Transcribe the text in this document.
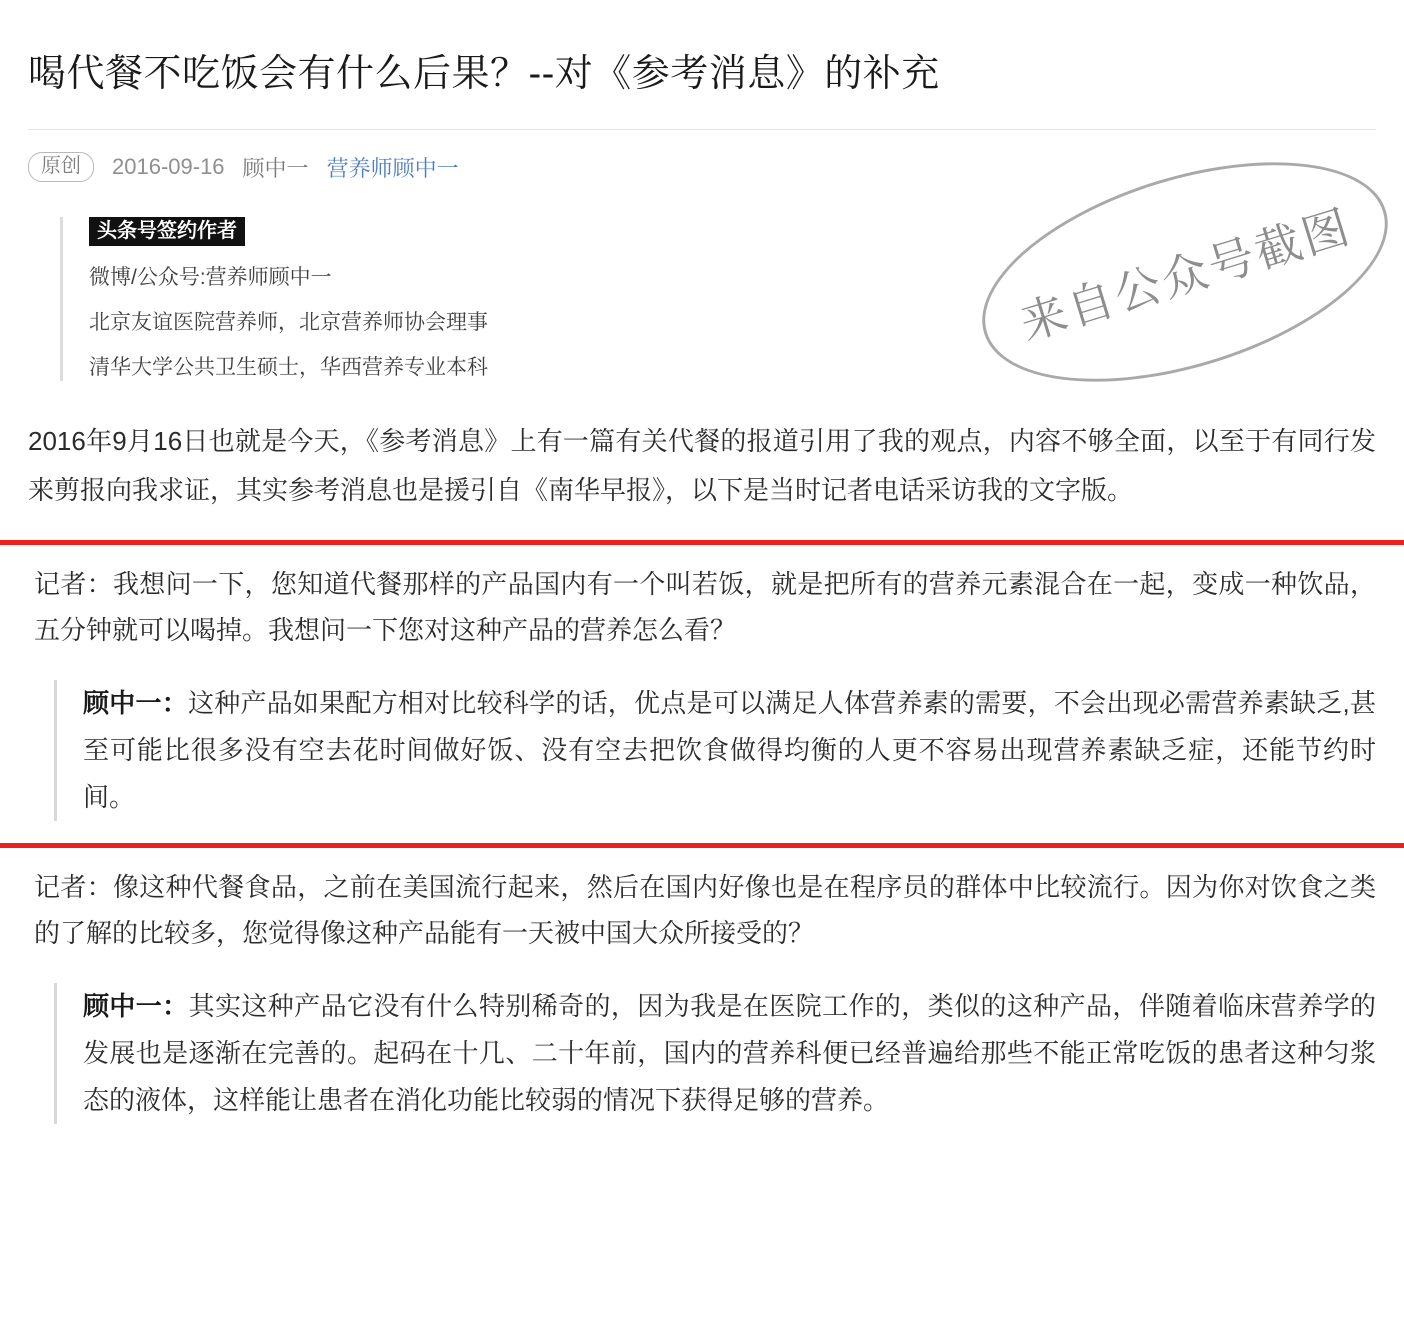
喝代餐不吃饭会有什么后果？--对《参考消息》的补充
原创	2016-09-16 顾中一 营养师顾中一
头条号签约作者
微博/公众号:营养师顾中一
北京友谊医院营养师，北京营养师协会理事
清华大学公共卫生硕士，华西营养专业本科

2016年9月16日也就是今天，《参考消息》上有一篇有关代餐的报道引用了我的观点，内容不够全面，以至于有同行发来剪报向我求证，其实参考消息也是援引自《南华早报》，以下是当时记者电话采访我的文字版。

记者：我想问一下，您知道代餐那样的产品国内有一个叫若饭，就是把所有的营养元素混合在一起，变成一种饮品，五分钟就可以喝掉。我想问一下您对这种产品的营养怎么看？

顾中一：这种产品如果配方相对比较科学的话，优点是可以满足人体营养素的需要，不会出现必需营养素缺乏,甚至可能比很多没有空去花时间做好饭、没有空去把饮食做得均衡的人更不容易出现营养素缺乏症，还能节约时间。

记者：像这种代餐食品，之前在美国流行起来，然后在国内好像也是在程序员的群体中比较流行。因为你对饮食之类的了解的比较多，您觉得像这种产品能有一天被中国大众所接受的？

顾中一：其实这种产品它没有什么特别稀奇的，因为我是在医院工作的，类似的这种产品，伴随着临床营养学的发展也是逐渐在完善的。起码在十几、二十年前，国内的营养科便已经普遍给那些不能正常吃饭的患者这种匀浆态的液体，这样能让患者在消化功能比较弱的情况下获得足够的营养。
来自公众号截图
